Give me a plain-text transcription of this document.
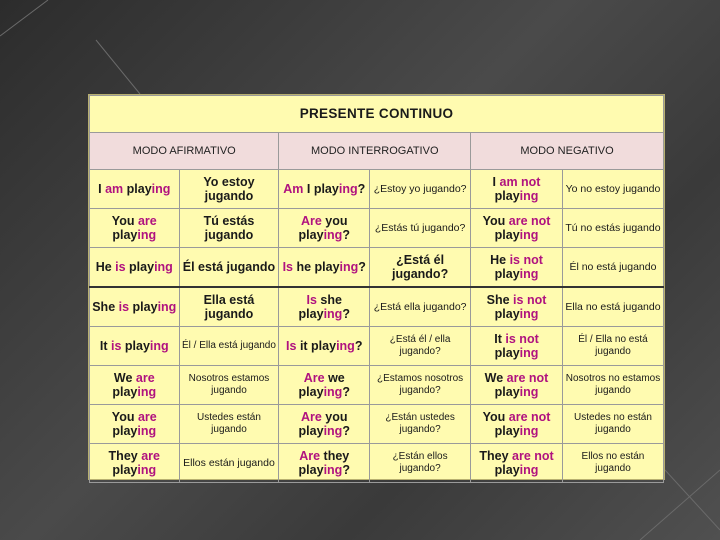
PRESENTE CONTINUO					
MODO AFIRMATIVO		MODO INTERROGATIVO		MODO NEGATIVO	
I am playing	Yo estoy jugando	Am I playing?	¿Estoy yo jugando?	I am not playing	Yo no estoy jugando
You are playing	Tú estás jugando	Are you playing?	¿Estás tú jugando?	You are not playing	Tú no estás jugando
He is playing	Él está jugando	Is he playing?	¿Está él jugando?	He is not playing	Él no está jugando
She is playing	Ella está jugando	Is she playing?	¿Está ella jugando?	She is not playing	Ella no está jugando
It is playing	Él / Ella está jugando	Is it playing?	¿Está él / ella jugando?	It is not playing	Él / Ella no está jugando
We are playing	Nosotros estamos jugando	Are we playing?	¿Estamos nosotros jugando?	We are not playing	Nosotros no estamos jugando
You are playing	Ustedes están jugando	Are you playing?	¿Están ustedes jugando?	You are not playing	Ustedes no están jugando
They are playing	Ellos están jugando	Are they playing?	¿Están ellos jugando?	They are not playing	Ellos no están jugando
